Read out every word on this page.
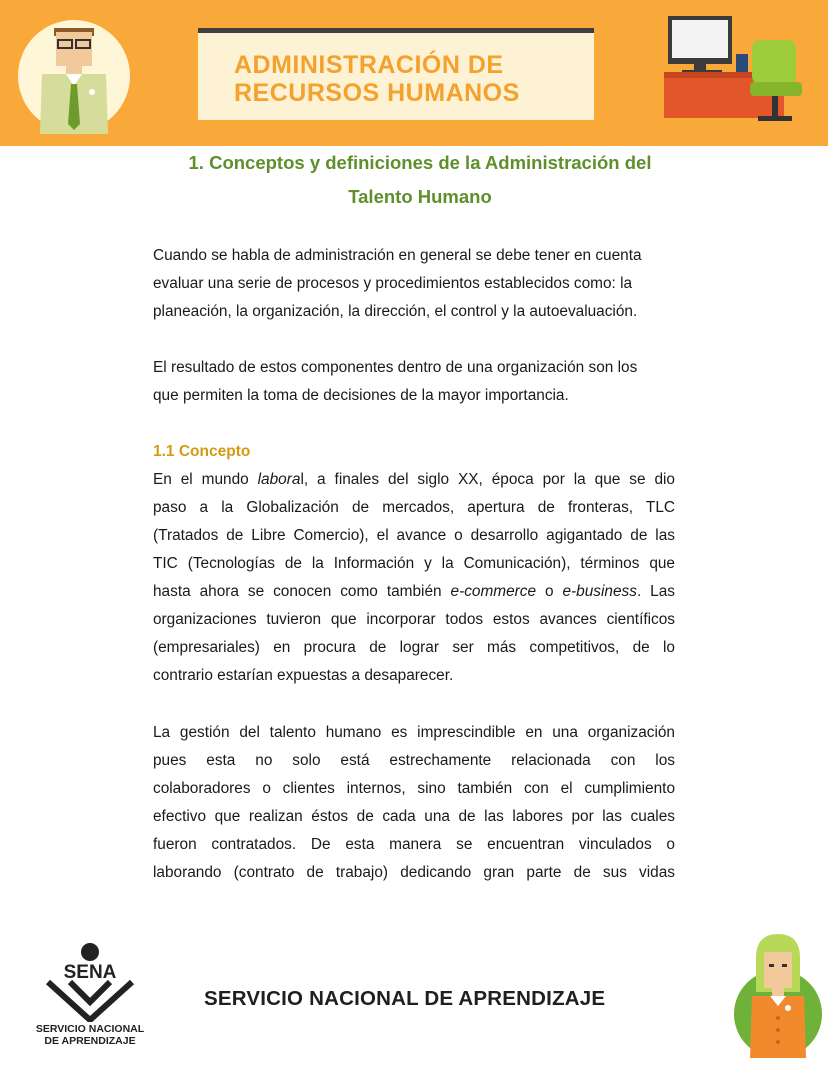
ADMINISTRACIÓN DE
RECURSOS HUMANOS
1. Conceptos y definiciones de la Administración del
Talento Humano
Cuando se habla de administración en general se debe tener en cuenta
evaluar una serie de procesos y procedimientos establecidos como: la
planeación, la organización, la dirección, el control y la autoevaluación.
El resultado de estos componentes dentro de una organización son los
que permiten la toma de decisiones de la mayor importancia.
1.1 Concepto
En el mundo laboral, a finales del siglo XX, época por la que se dio
paso a la Globalización de mercados, apertura de fronteras, TLC
(Tratados de Libre Comercio), el avance o desarrollo agigantado de las
TIC (Tecnologías de la Información y la Comunicación), términos que
hasta ahora se conocen como también e-commerce o e-business. Las
organizaciones tuvieron que incorporar todos estos avances científicos
(empresariales) en procura de lograr ser más competitivos, de lo
contrario estarían expuestas a desaparecer.
La gestión del talento humano es imprescindible en una organización
pues esta no solo está estrechamente relacionada con los
colaboradores o clientes internos, sino también con el cumplimiento
efectivo que realizan éstos de cada una de las labores por las cuales
fueron contratados. De esta manera se encuentran vinculados o
laborando (contrato de trabajo) dedicando gran parte de sus vidas
SENA
SERVICIO NACIONAL
DE APRENDIZAJE
SERVICIO NACIONAL DE APRENDIZAJE
